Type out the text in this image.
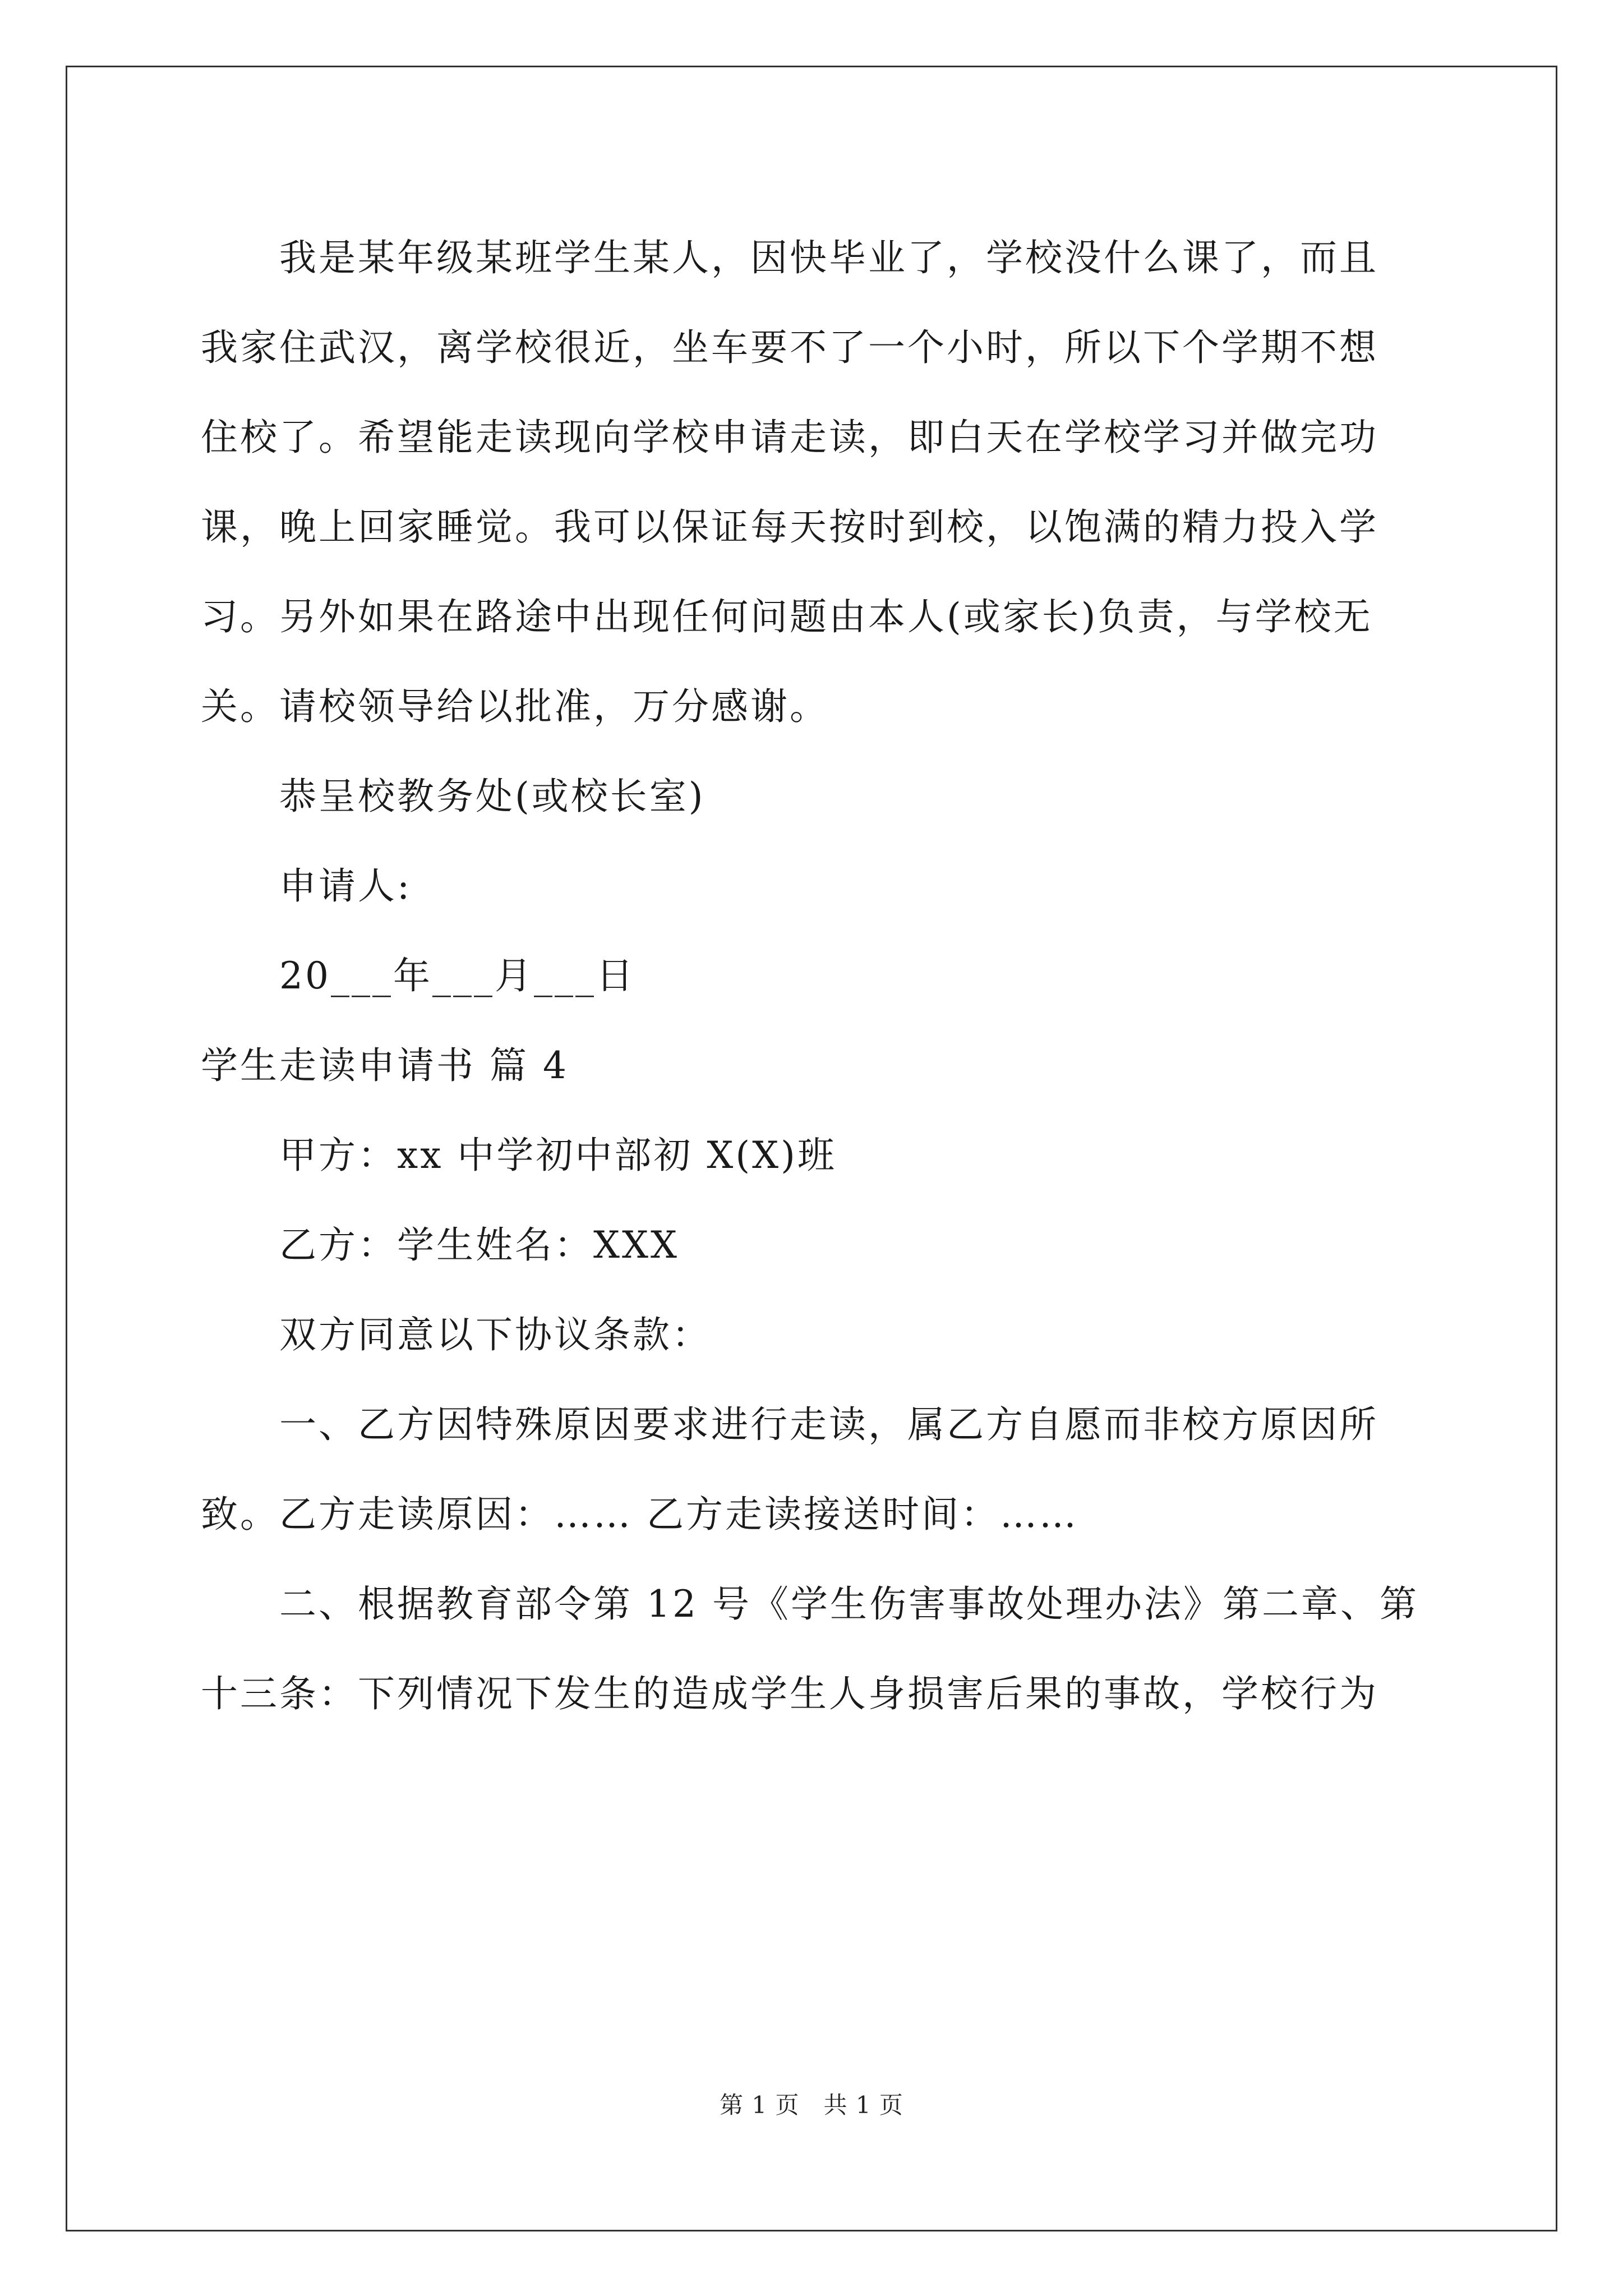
我是某年级某班学生某人，因快毕业了，学校没什么课了，而且

我家住武汉，离学校很近，坐车要不了一个小时，所以下个学期不想

住校了。希望能走读现向学校申请走读，即白天在学校学习并做完功

课，晚上回家睡觉。我可以保证每天按时到校，以饱满的精力投入学

习。另外如果在路途中出现任何问题由本人(或家长)负责，与学校无

关。请校领导给以批准，万分感谢。

恭呈校教务处(或校长室)

申请人:

20___年___月___日

学生走读申请书 篇 4

甲方：xx 中学初中部初 X(X)班

乙方：学生姓名：XXX

双方同意以下协议条款：

一、乙方因特殊原因要求进行走读，属乙方自愿而非校方原因所

致。乙方走读原因：…… 乙方走读接送时间：……

二、根据教育部令第 12 号《学生伤害事故处理办法》第二章、第

十三条：下列情况下发生的造成学生人身损害后果的事故，学校行为

第 1 页　共 1 页
